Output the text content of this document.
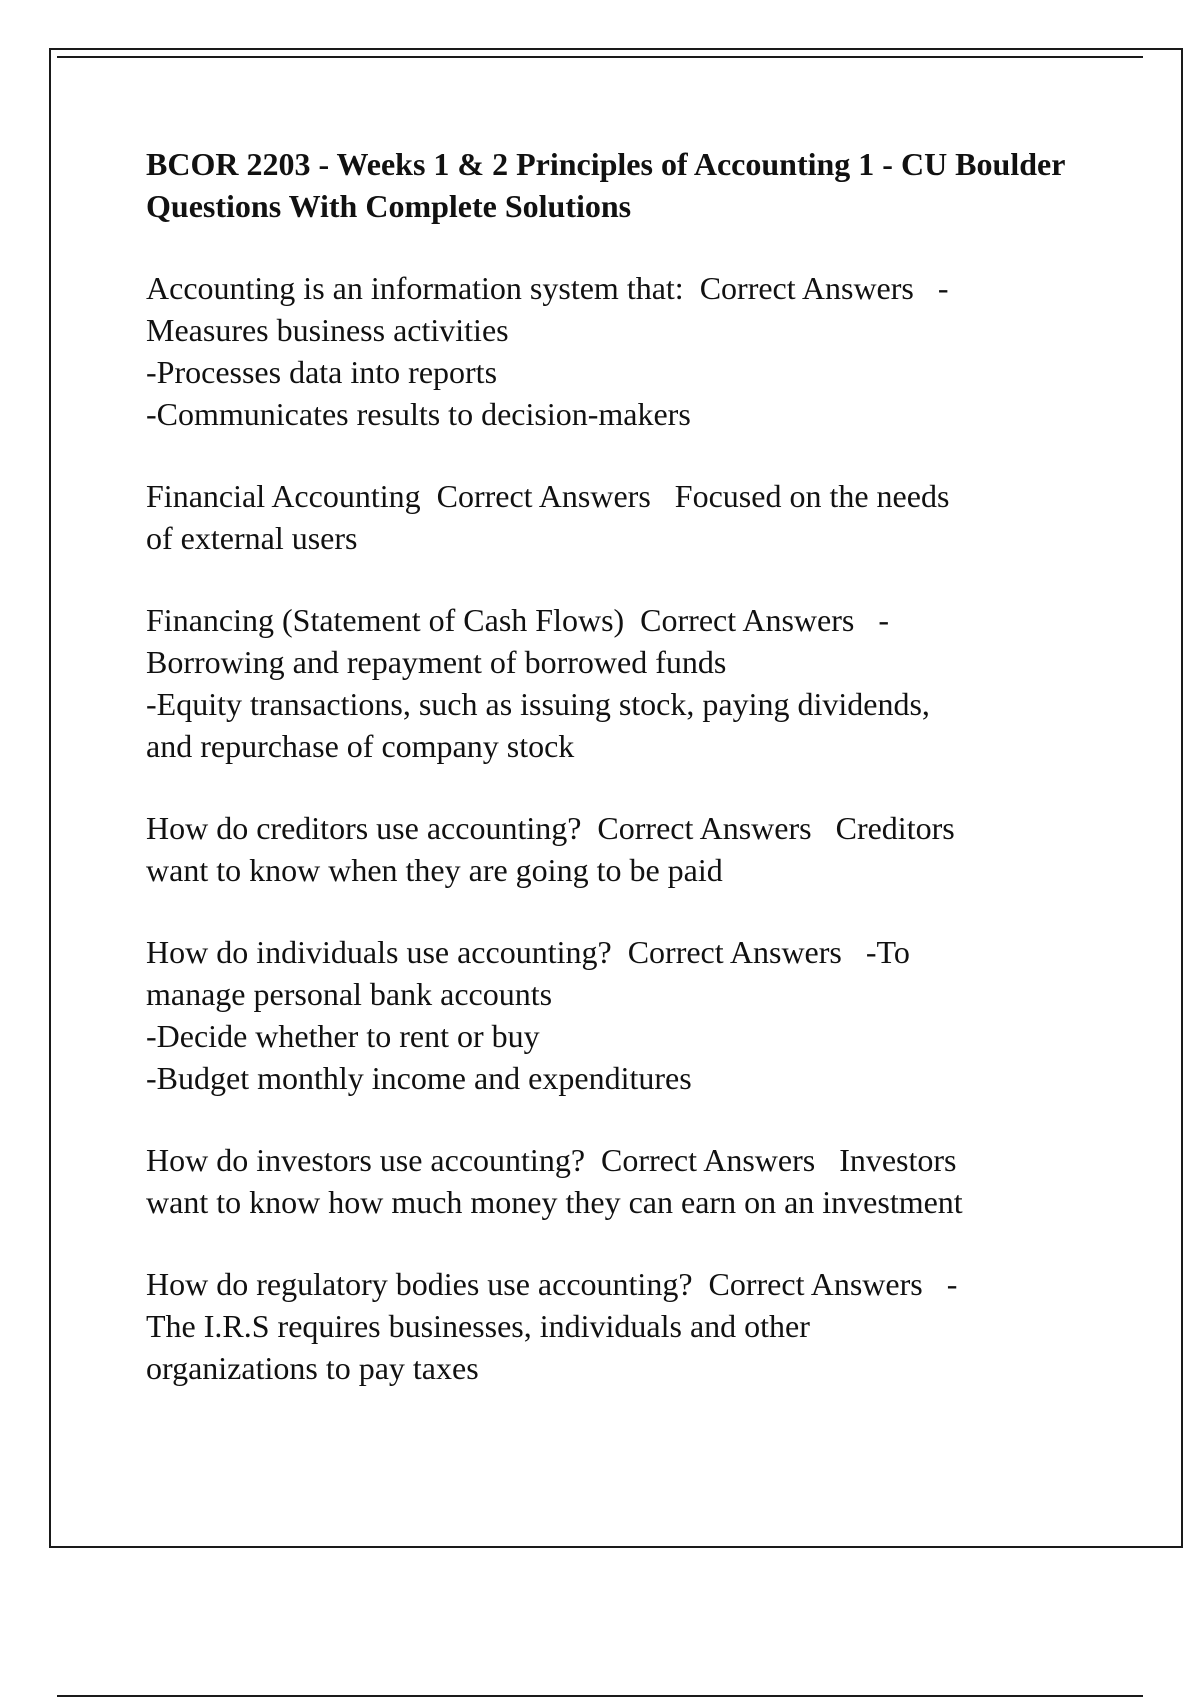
BCOR 2203 - Weeks 1 & 2 Principles of Accounting 1 - CU Boulder Questions With Complete Solutions
Accounting is an information system that:  Correct Answers   -
Measures business activities
-Processes data into reports
-Communicates results to decision-makers
Financial Accounting  Correct Answers   Focused on the needs
of external users
Financing (Statement of Cash Flows)  Correct Answers   -
Borrowing and repayment of borrowed funds
-Equity transactions, such as issuing stock, paying dividends,
and repurchase of company stock
How do creditors use accounting?  Correct Answers   Creditors
want to know when they are going to be paid
How do individuals use accounting?  Correct Answers   -To
manage personal bank accounts
-Decide whether to rent or buy
-Budget monthly income and expenditures
How do investors use accounting?  Correct Answers   Investors
want to know how much money they can earn on an investment
How do regulatory bodies use accounting?  Correct Answers   -
The I.R.S requires businesses, individuals and other
organizations to pay taxes
